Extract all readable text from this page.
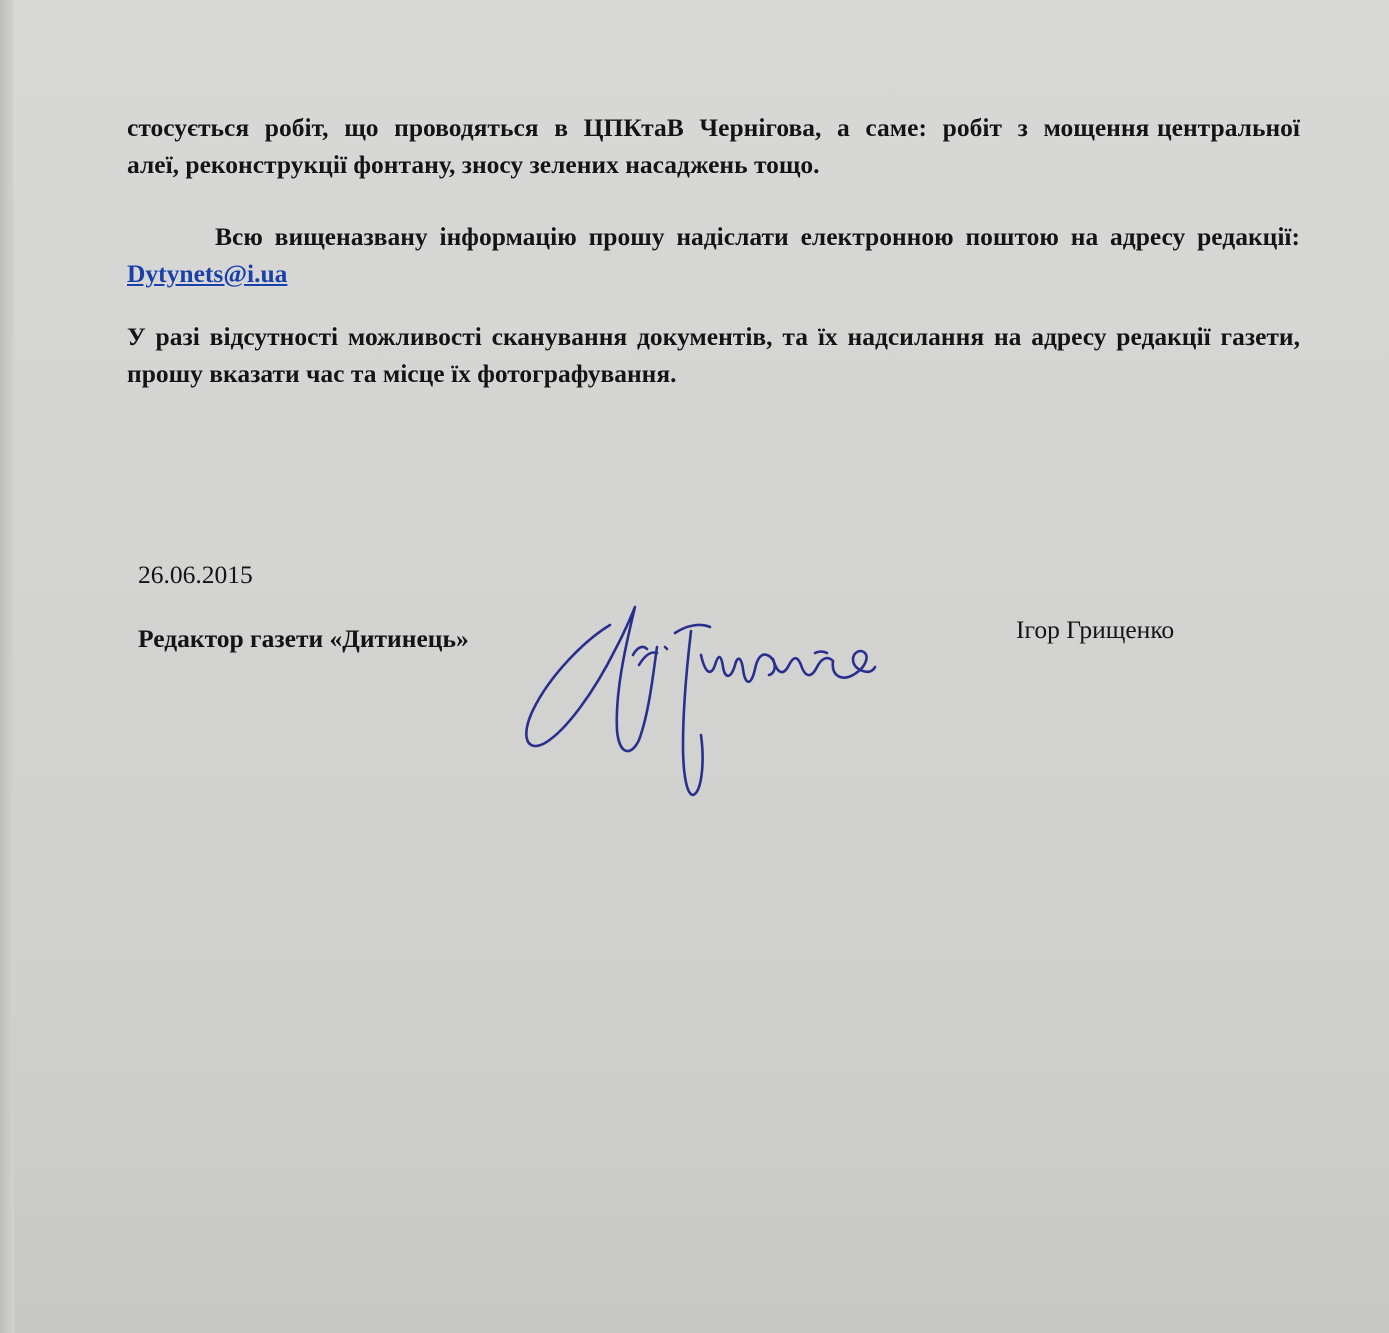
стосується робіт, що проводяться в ЦПКтаВ Чернігова, а саме: робіт з мощення центральної алеї, реконструкції фонтану, зносу зелених насаджень тощо.
Всю вищеназвану інформацію прошу надіслати електронною поштою на адресу редакції: Dytynets@i.ua
У разі відсутності можливості сканування документів, та їх надсилання на адресу редакції газети, прошу вказати час та місце їх фотографування.
26.06.2015
Редактор газети «Дитинець»	Ігор Грищенко
